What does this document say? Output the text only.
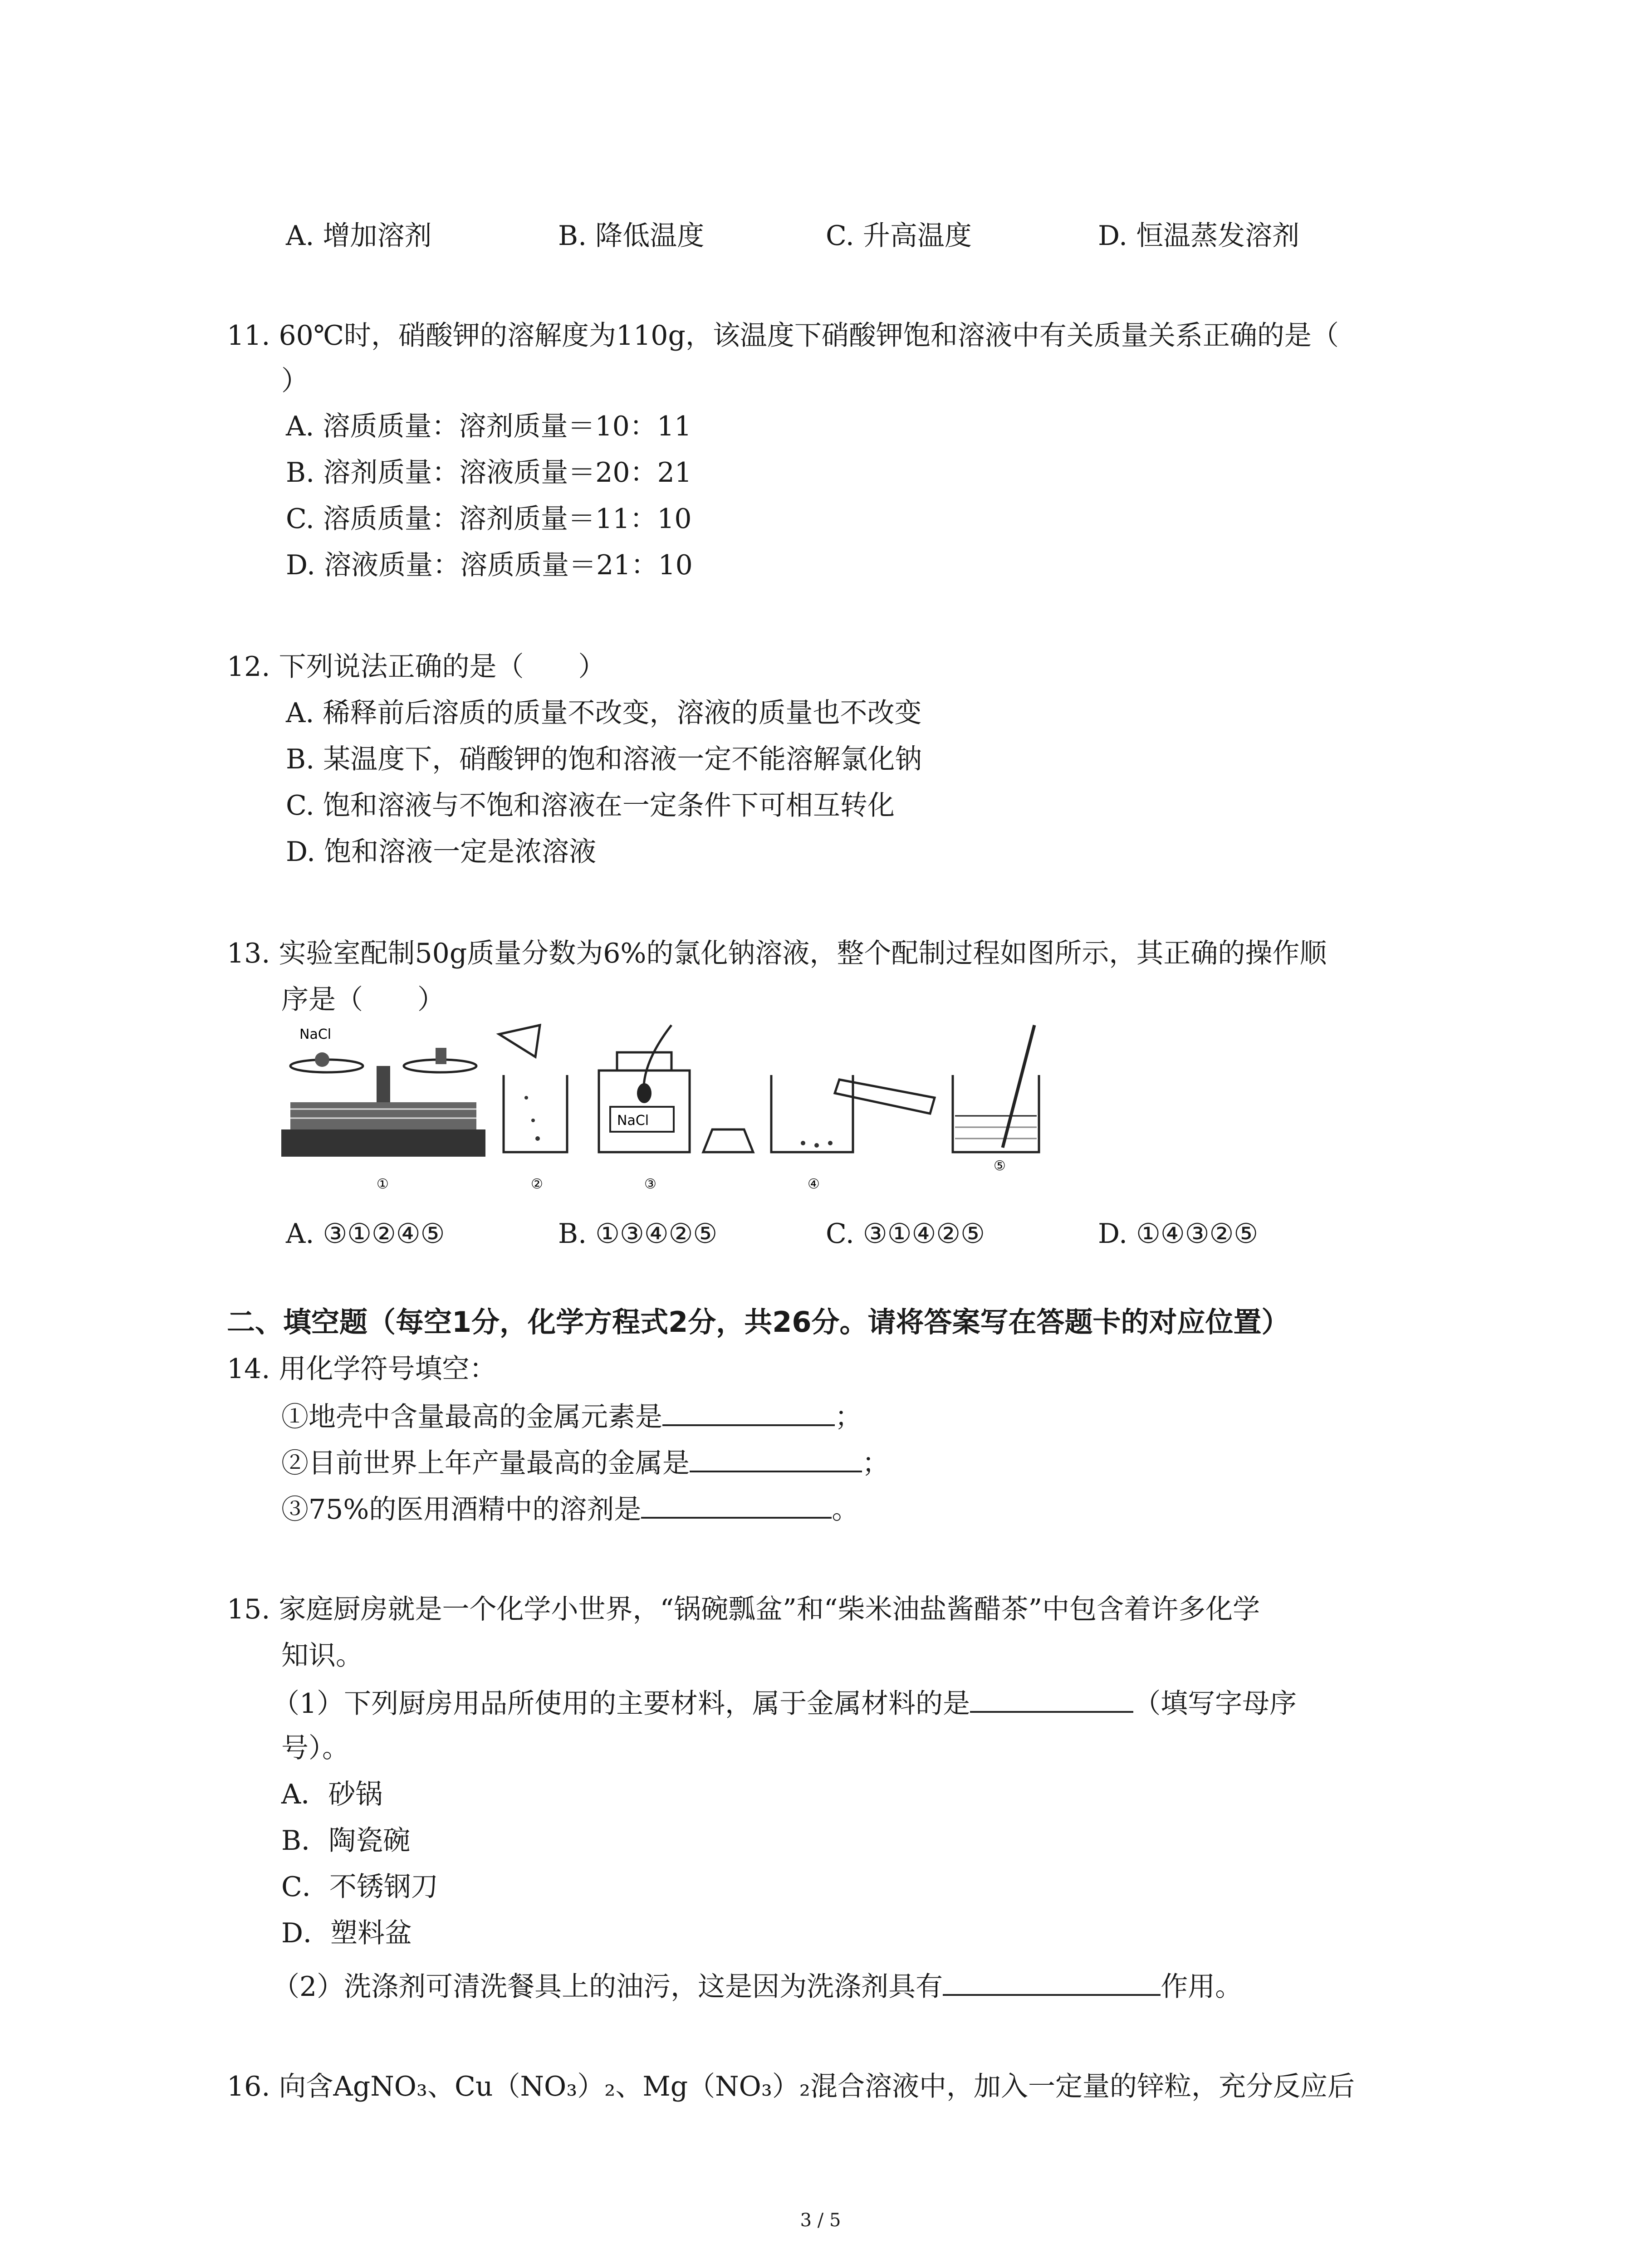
A. 增加溶剂	B. 降低温度	C. 升高温度	D. 恒温蒸发溶剂
11. 60℃时，硝酸钾的溶解度为110g，该温度下硝酸钾饱和溶液中有关质量关系正确的是（
）
A. 溶质质量：溶剂质量＝10：11
B. 溶剂质量：溶液质量＝20：21
C. 溶质质量：溶剂质量＝11：10
D. 溶液质量：溶质质量＝21：10
12. 下列说法正确的是（　　）
A. 稀释前后溶质的质量不改变，溶液的质量也不改变
B. 某温度下，硝酸钾的饱和溶液一定不能溶解氯化钠
C. 饱和溶液与不饱和溶液在一定条件下可相互转化
D. 饱和溶液一定是浓溶液
13. 实验室配制50g质量分数为6%的氯化钠溶液，整个配制过程如图所示，其正确的操作顺
序是（　　）
NaCl
①	②
NaCl
③	④
⑤
A. ③①②④⑤	B. ①③④②⑤	C. ③①④②⑤	D. ①④③②⑤
二、填空题（每空1分，化学方程式2分，共26分。请将答案写在答题卡的对应位置）
14. 用化学符号填空：
①地壳中含量最高的金属元素是	；
②目前世界上年产量最高的金属是	；
③75%的医用酒精中的溶剂是	。
15. 家庭厨房就是一个化学小世界，“锅碗瓢盆”和“柴米油盐酱醋茶”中包含着许多化学
知识。
（1）下列厨房用品所使用的主要材料，属于金属材料的是	（填写字母序
号）。
A．砂锅
B．陶瓷碗
C．不锈钢刀
D．塑料盆
（2）洗涤剂可清洗餐具上的油污，这是因为洗涤剂具有	作用。
16. 向含AgNO₃、Cu（NO₃）₂、Mg（NO₃）₂混合溶液中，加入一定量的锌粒，充分反应后
3 / 5
